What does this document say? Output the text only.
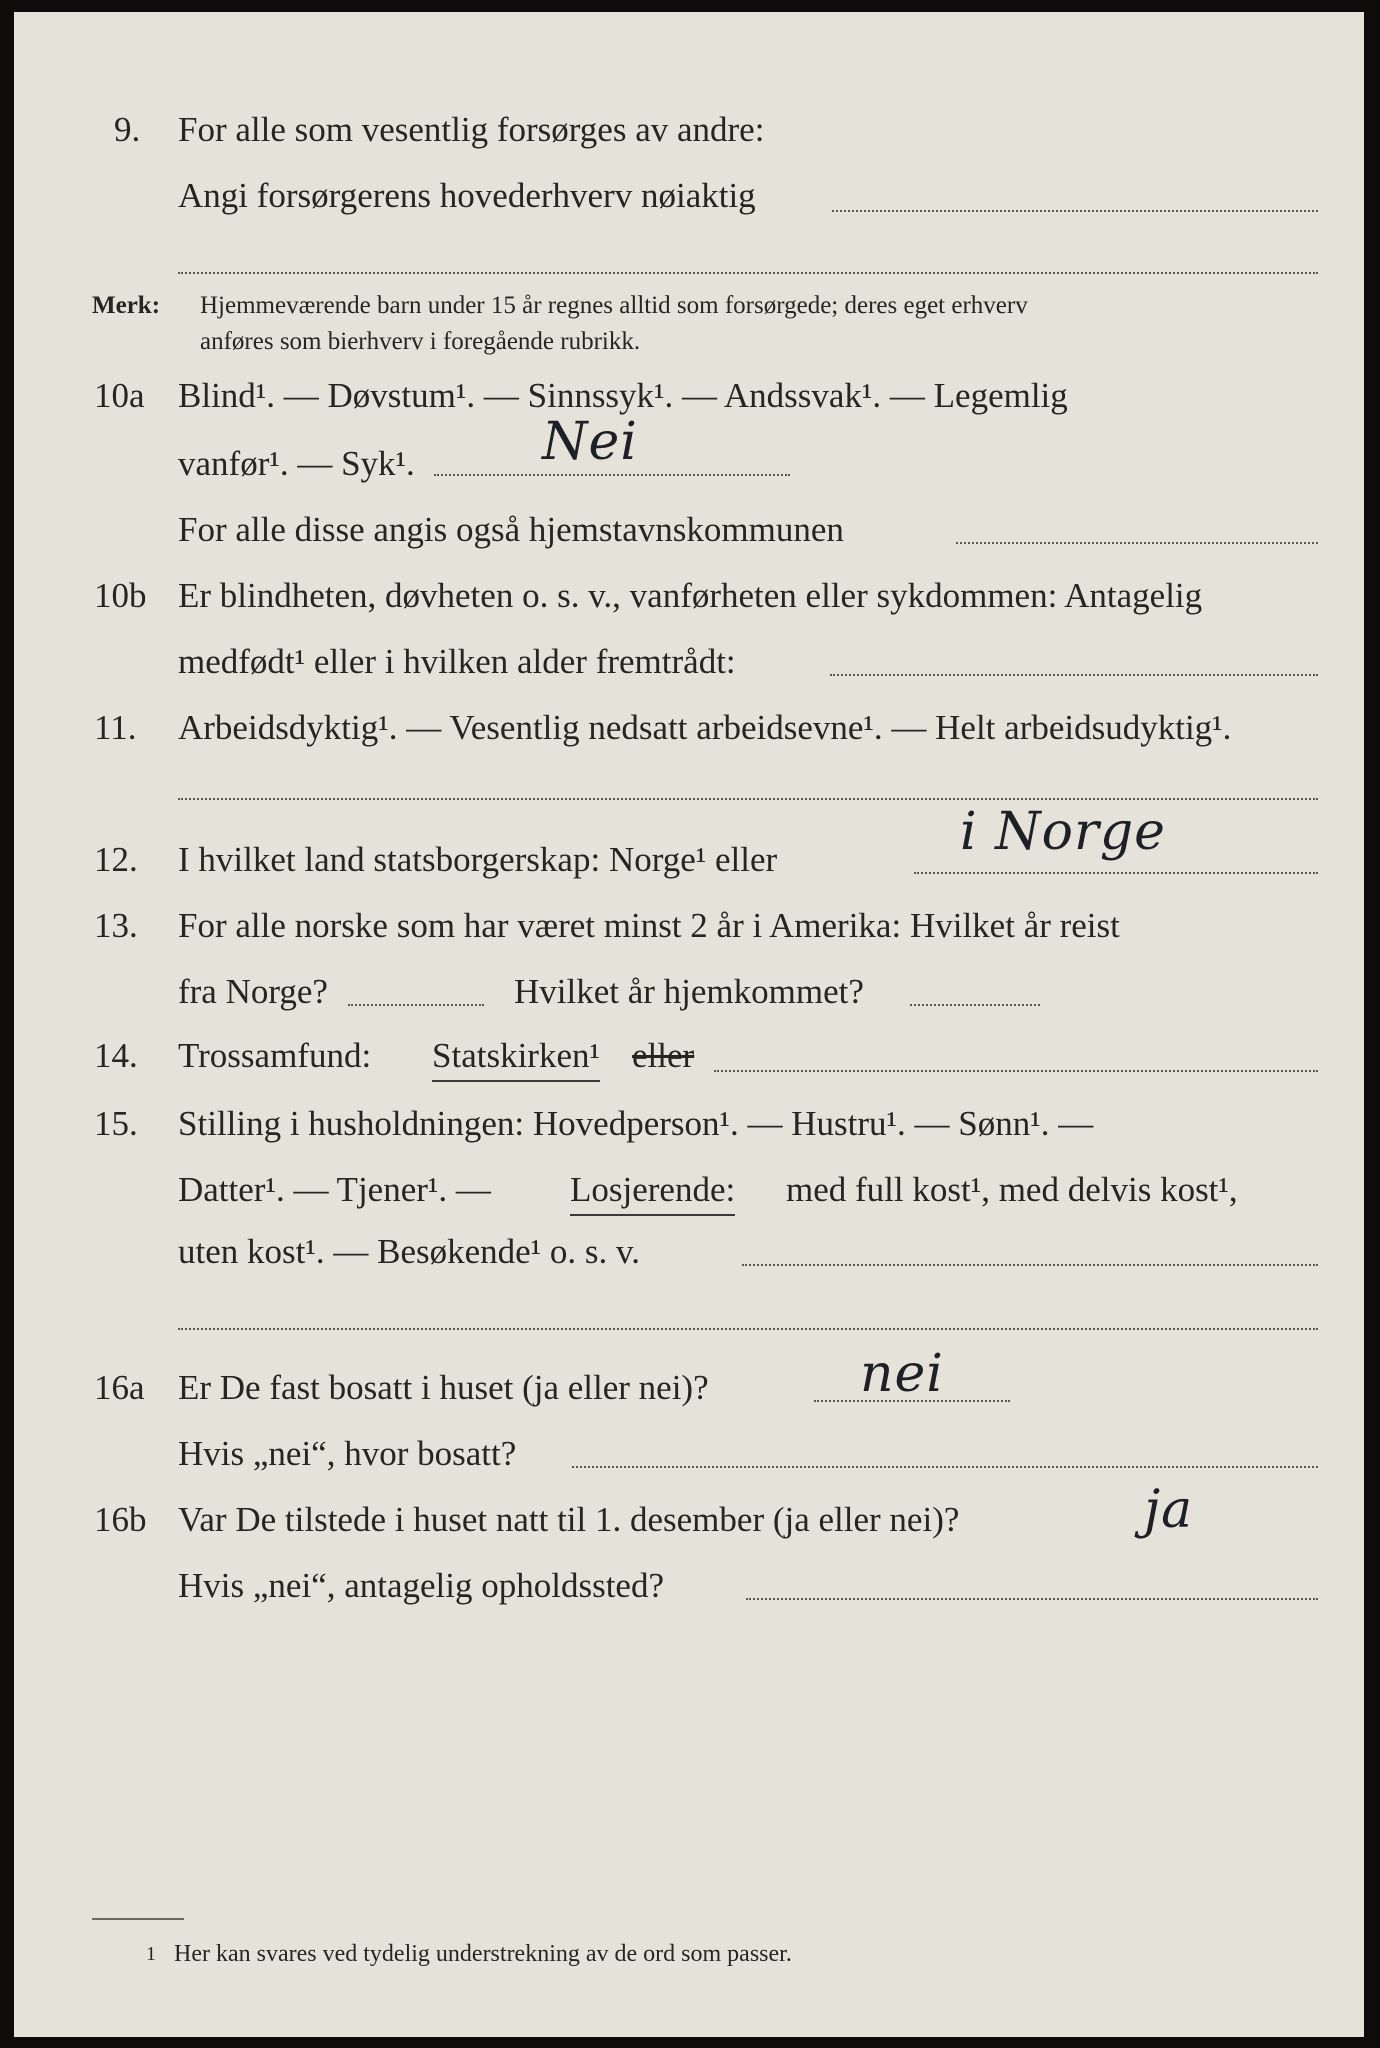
9. For alle som vesentlig forsørges av andre:
Angi forsørgerens hovederhverv nøiaktig
Merk: Hjemmeværende barn under 15 år regnes alltid som forsørgede; deres eget erhverv
anføres som bierhverv i foregående rubrikk.
10a Blind¹. — Døvstum¹. — Sinnssyk¹. — Andssvak¹. — Legemlig
vanfør¹. — Syk¹. Nei
For alle disse angis også hjemstavnskommunen
10b Er blindheten, døvheten o. s. v., vanførheten eller sykdommen: Antagelig
medfødt¹ eller i hvilken alder fremtrådt:
11. Arbeidsdyktig¹. — Vesentlig nedsatt arbeidsevne¹. — Helt arbeidsudyktig¹.
12. I hvilket land statsborgerskap: Norge¹ eller	i Norge
13. For alle norske som har været minst 2 år i Amerika: Hvilket år reist
fra Norge?	Hvilket år hjemkommet?
14. Trossamfund: Statskirken¹ eller
15. Stilling i husholdningen: Hovedperson¹. — Hustru¹. — Sønn¹. —
Datter¹. — Tjener¹. — Losjerende: med full kost¹, med delvis kost¹,
uten kost¹. — Besøkende¹ o. s. v.
16a Er De fast bosatt i huset (ja eller nei)?	nei
Hvis „nei“, hvor bosatt?
16b Var De tilstede i huset natt til 1. desember (ja eller nei)?	ja
Hvis „nei“, antagelig opholdssted?
1 Her kan svares ved tydelig understrekning av de ord som passer.
